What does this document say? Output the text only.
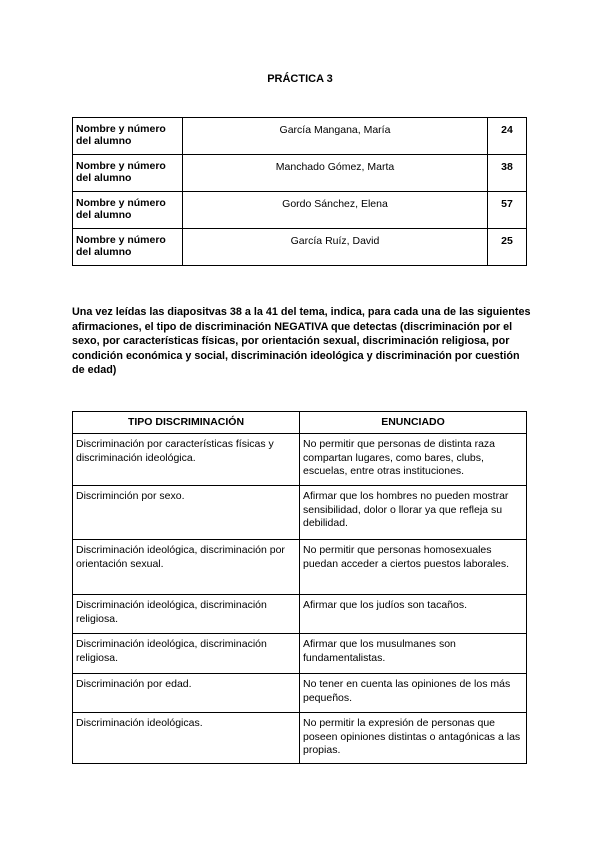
PRÁCTICA 3
Nombre y número del alumno	García Mangana, María	24
Nombre y número del alumno	Manchado Gómez, Marta	38
Nombre y número del alumno	Gordo Sánchez, Elena	57
Nombre y número del alumno	García Ruíz, David	25
Una vez leídas las diapositvas 38 a la 41 del tema, indica, para cada una de las siguientes afirmaciones, el tipo de discriminación NEGATIVA que detectas (discriminación por el sexo, por características físicas, por orientación sexual, discriminación religiosa, por condición económica y social, discriminación ideológica y discriminación por cuestión de edad)
TIPO DISCRIMINACIÓN	ENUNCIADO
Discriminación por características físicas y discriminación ideológica.	No permitir que personas de distinta raza compartan lugares, como bares, clubs, escuelas, entre otras instituciones.
Discriminción por sexo.	Afirmar que los hombres no pueden mostrar sensibilidad, dolor o llorar ya que refleja su debilidad.
Discriminación ideológica, discriminación por orientación sexual.	No permitir que personas homosexuales puedan acceder a ciertos puestos laborales.
Discriminación ideológica, discriminación religiosa.	Afirmar que los judíos son tacaños.
Discriminación ideológica, discriminación religiosa.	Afirmar que los musulmanes son fundamentalistas.
Discriminación por edad.	No tener en cuenta las opiniones de los más pequeños.
Discriminación ideológicas.	No permitir la expresión de personas que poseen opiniones distintas o antagónicas a las propias.
